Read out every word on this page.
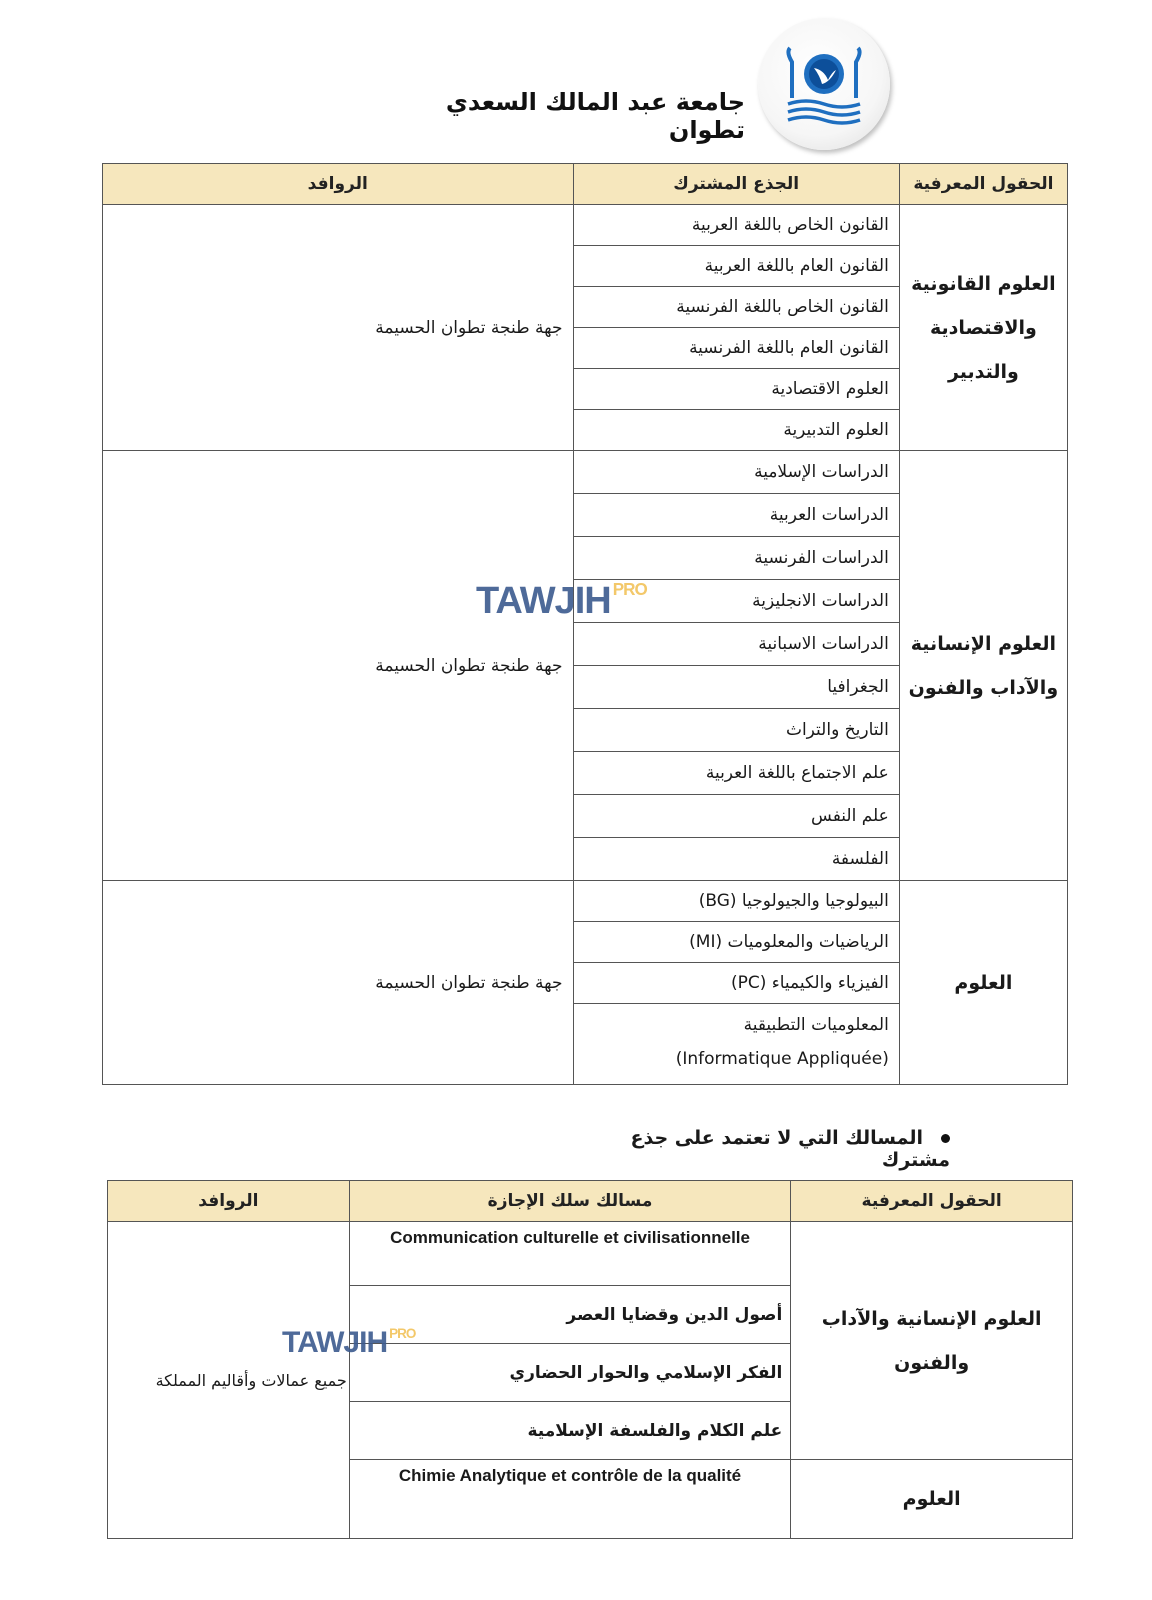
جامعة عبد المالك السعدي تطوان
الحقول المعرفية	الجذع المشترك	الروافد
العلوم القانونية والاقتصادية والتدبير	القانون الخاص باللغة العربية	جهة طنجة تطوان الحسيمة
	القانون العام باللغة العربية	
	القانون الخاص باللغة الفرنسية	
	القانون العام باللغة الفرنسية	
	العلوم الاقتصادية	
	العلوم التدبيرية	
العلوم الإنسانية والآداب والفنون	الدراسات الإسلامية	جهة طنجة تطوان الحسيمة
	الدراسات العربية	
	الدراسات الفرنسية	
	الدراسات الانجليزية	
	الدراسات الاسبانية	
	الجغرافيا	
	التاريخ والتراث	
	علم الاجتماع باللغة العربية	
	علم النفس	
	الفلسفة	
العلوم	البيولوجيا والجيولوجيا (BG)	جهة طنجة تطوان الحسيمة
	الرياضيات والمعلوميات (MI)	
	الفيزياء والكيمياء (PC)	

	المعلوميات التطبيقية
(Informatique Appliquée)	
TAWJIH $^{PRO}$
المسالك التي لا تعتمد على جذع مشترك
الحقول المعرفية	مسالك سلك الإجازة	الروافد
العلوم الإنسانية والآداب والفنون	Communication culturelle et civilisationnelle	جميع عمالات وأقاليم المملكة
	أصول الدين وقضايا العصر	
	الفكر الإسلامي والحوار الحضاري	
	علم الكلام والفلسفة الإسلامية	
العلوم	Chimie Analytique et contrôle de la qualité	
TAWJIH $^{PRO}$
